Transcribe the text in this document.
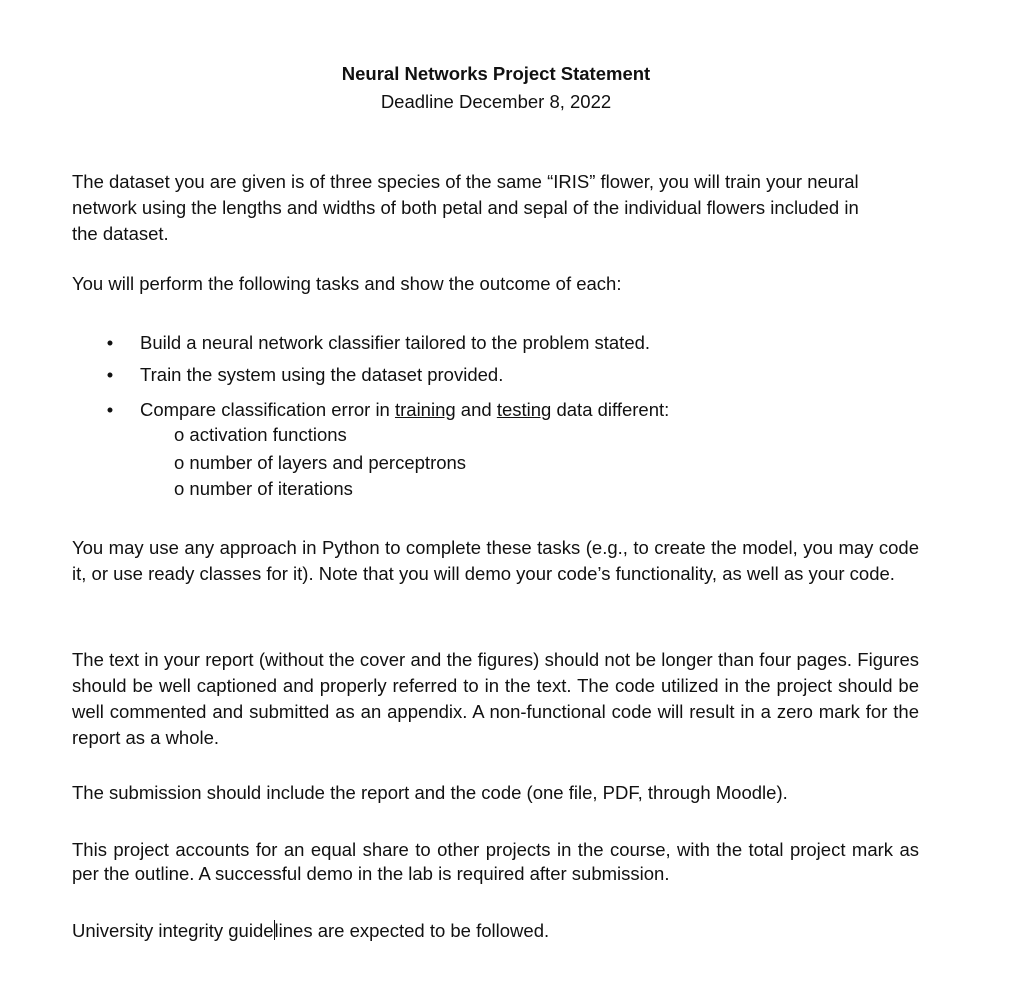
Neural Networks Project Statement
Deadline December 8, 2022

The dataset you are given is of three species of the same “IRIS” flower, you will train your neural network using the lengths and widths of both petal and sepal of the individual flowers included in the dataset.

You will perform the following tasks and show the outcome of each:

• Build a neural network classifier tailored to the problem stated.
• Train the system using the dataset provided.
• Compare classification error in training and testing data different:
o activation functions
o number of layers and perceptrons
o number of iterations

You may use any approach in Python to complete these tasks (e.g., to create the model, you may code it, or use ready classes for it). Note that you will demo your code’s functionality, as well as your code.

The text in your report (without the cover and the figures) should not be longer than four pages. Figures should be well captioned and properly referred to in the text. The code utilized in the project should be well commented and submitted as an appendix. A non-functional code will result in a zero mark for the report as a whole.

The submission should include the report and the code (one file, PDF, through Moodle).

This project accounts for an equal share to other projects in the course, with the total project mark as per the outline. A successful demo in the lab is required after submission.

University integrity guidelines are expected to be followed.
